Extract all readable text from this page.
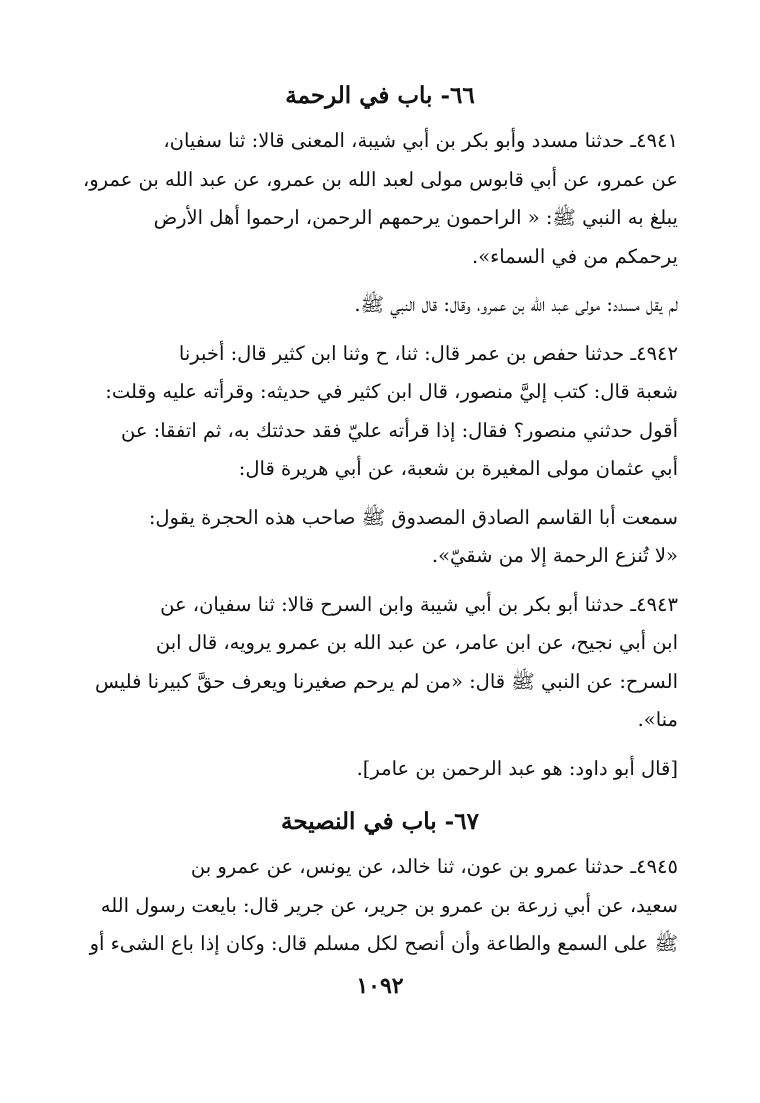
٦٦- باب في الرحمة
٤٩٤١ـ حدثنا مسدد وأبو بكر بن أبي شيبة، المعنى قالا: ثنا سفيان،
عن عمرو، عن أبي قابوس مولى لعبد الله بن عمرو، عن عبد الله بن عمرو،
يبلغ به النبي ﷺ: « الراحمون يرحمهم الرحمن، ارحموا أهل الأرض
يرحمكم من في السماء».
لم يقل مسدد: مولى عبد الله بن عمرو، وقال: قال النبي ﷺ.
٤٩٤٢ـ حدثنا حفص بن عمر قال: ثنا، ح وثنا ابن كثير قال: أخبرنا
شعبة قال: كتب إليَّ منصور، قال ابن كثير في حديثه: وقرأته عليه وقلت:
أقول حدثني منصور؟ فقال: إذا قرأته عليّ فقد حدثتك به، ثم اتفقا: عن
أبي عثمان مولى المغيرة بن شعبة، عن أبي هريرة قال:
سمعت أبا القاسم الصادق المصدوق ﷺ صاحب هذه الحجرة يقول:
«لا تُنزع الرحمة إلا من شقيّ».
٤٩٤٣ـ حدثنا أبو بكر بن أبي شيبة وابن السرح قالا: ثنا سفيان، عن
ابن أبي نجيح، عن ابن عامر، عن عبد الله بن عمرو يرويه، قال ابن
السرح: عن النبي ﷺ قال: «من لم يرحم صغيرنا ويعرف حقَّ كبيرنا فليس
منا».
[قال أبو داود: هو عبد الرحمن بن عامر].
٦٧- باب في النصيحة
٤٩٤٥ـ حدثنا عمرو بن عون، ثنا خالد، عن يونس، عن عمرو بن
سعيد، عن أبي زرعة بن عمرو بن جرير، عن جرير قال: بايعت رسول الله
ﷺ على السمع والطاعة وأن أنصح لكل مسلم قال: وكان إذا باع الشىء أو
١٠٩٢
